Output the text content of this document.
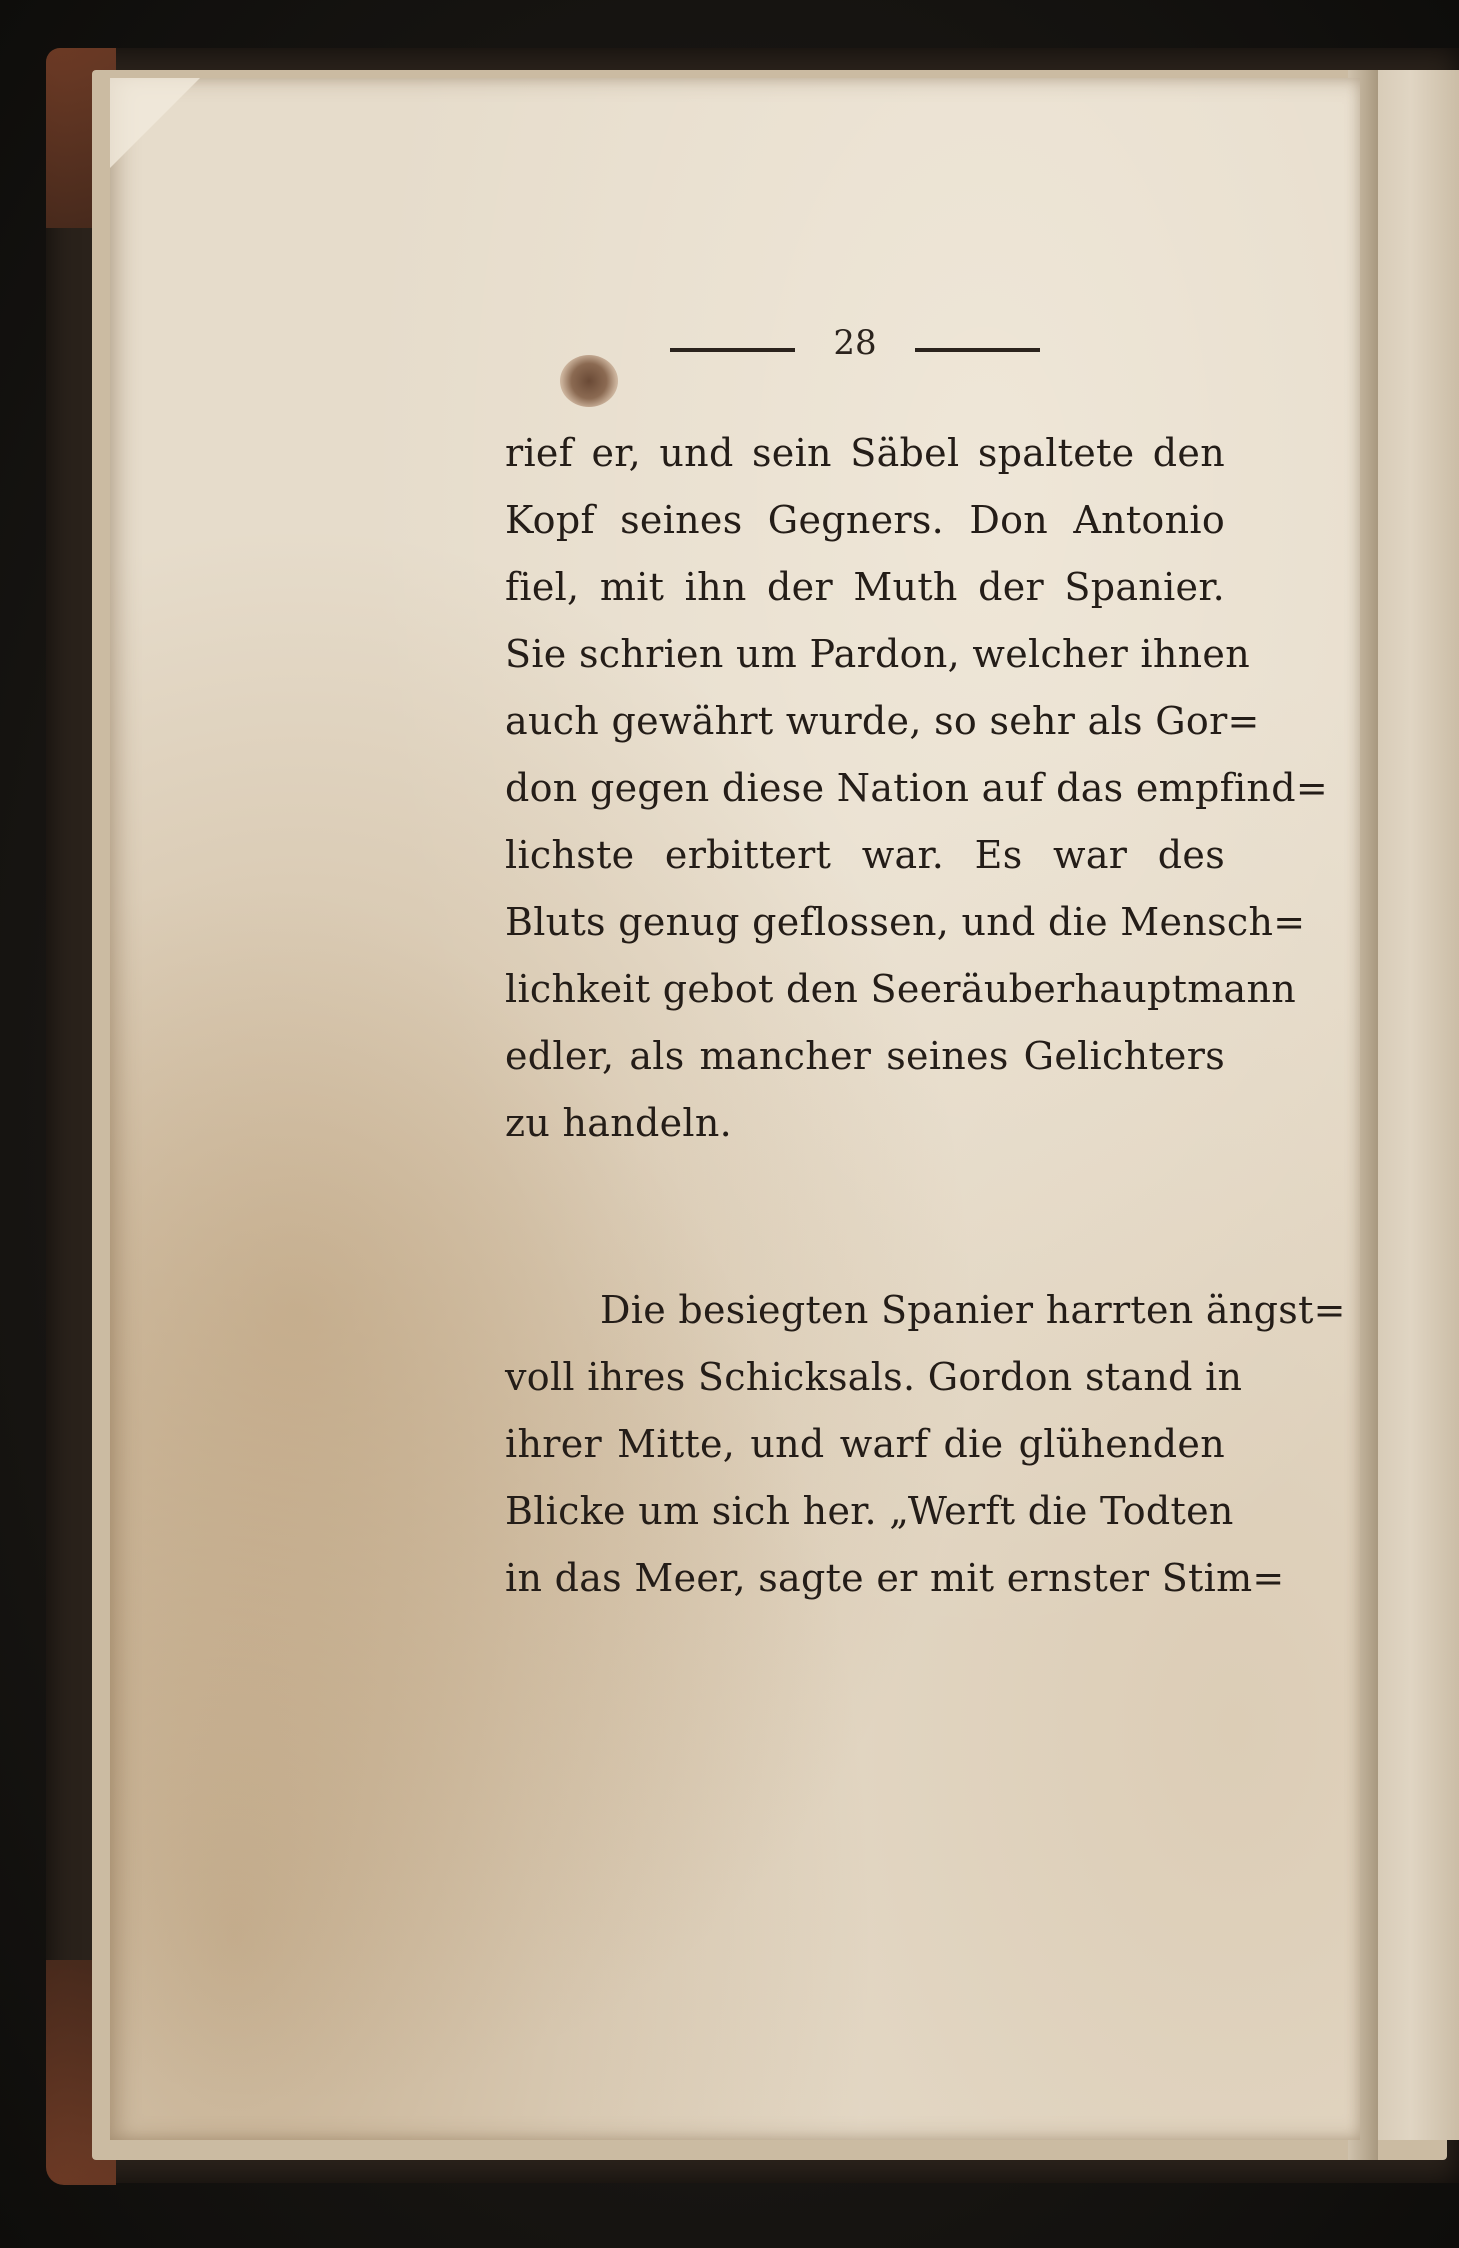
28
rief er, und sein Säbel spaltete den
Kopf seines Gegners. Don Antonio
fiel, mit ihn der Muth der Spanier.
Sie schrien um Pardon, welcher ihnen
auch gewährt wurde, so sehr als Gor=
don gegen diese Nation auf das empfind=
lichste erbittert war. Es war des
Bluts genug geflossen, und die Mensch=
lichkeit gebot den Seeräuberhauptmann
edler, als mancher seines Gelichters
zu handeln.
Die besiegten Spanier harrten ängst=
voll ihres Schicksals. Gordon stand in
ihrer Mitte, und warf die glühenden
Blicke um sich her. „Werft die Todten
in das Meer, sagte er mit ernster Stim=
